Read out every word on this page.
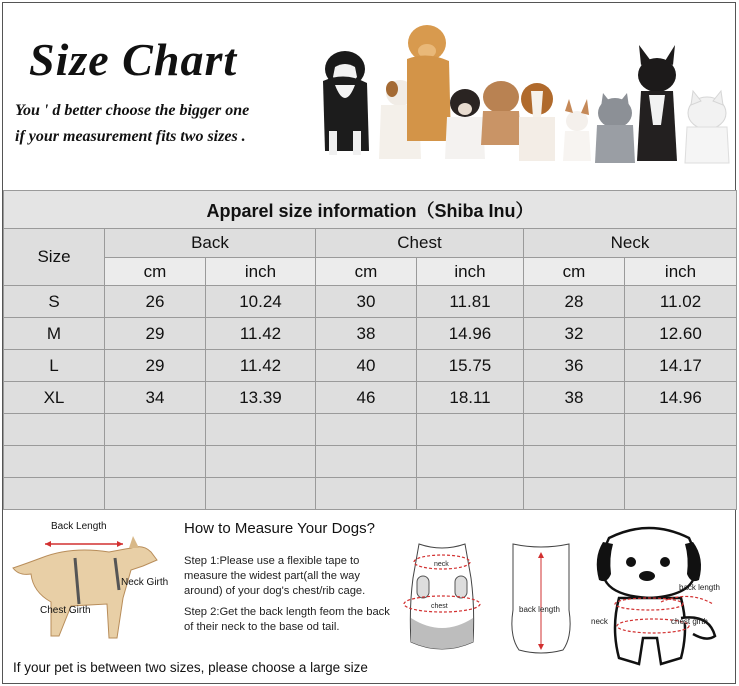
Size Chart

You ' d better choose the bigger one

if your measurement fits two sizes .

Apparel size information（Shiba Inu）						
Size	Back		Chest		Neck	
	cm	inch	cm	inch	cm	inch
S	26	10.24	30	11.81	28	11.02
M	29	11.42	38	14.96	32	12.60
L	29	11.42	40	15.75	36	14.17
XL	34	13.39	46	18.11	38	14.96

Back Length
Neck Girth
Chest Girth

How to Measure Your Dogs?

Step 1:Please use a flexible tape to measure the widest part(all the way around) of your dog's chest/rib cage.

Step 2:Get the back length feom the back of their neck to the base od tail.

neck
chest	back length
back length
neck	chest girth

If your pet is between two sizes, please choose a large size
